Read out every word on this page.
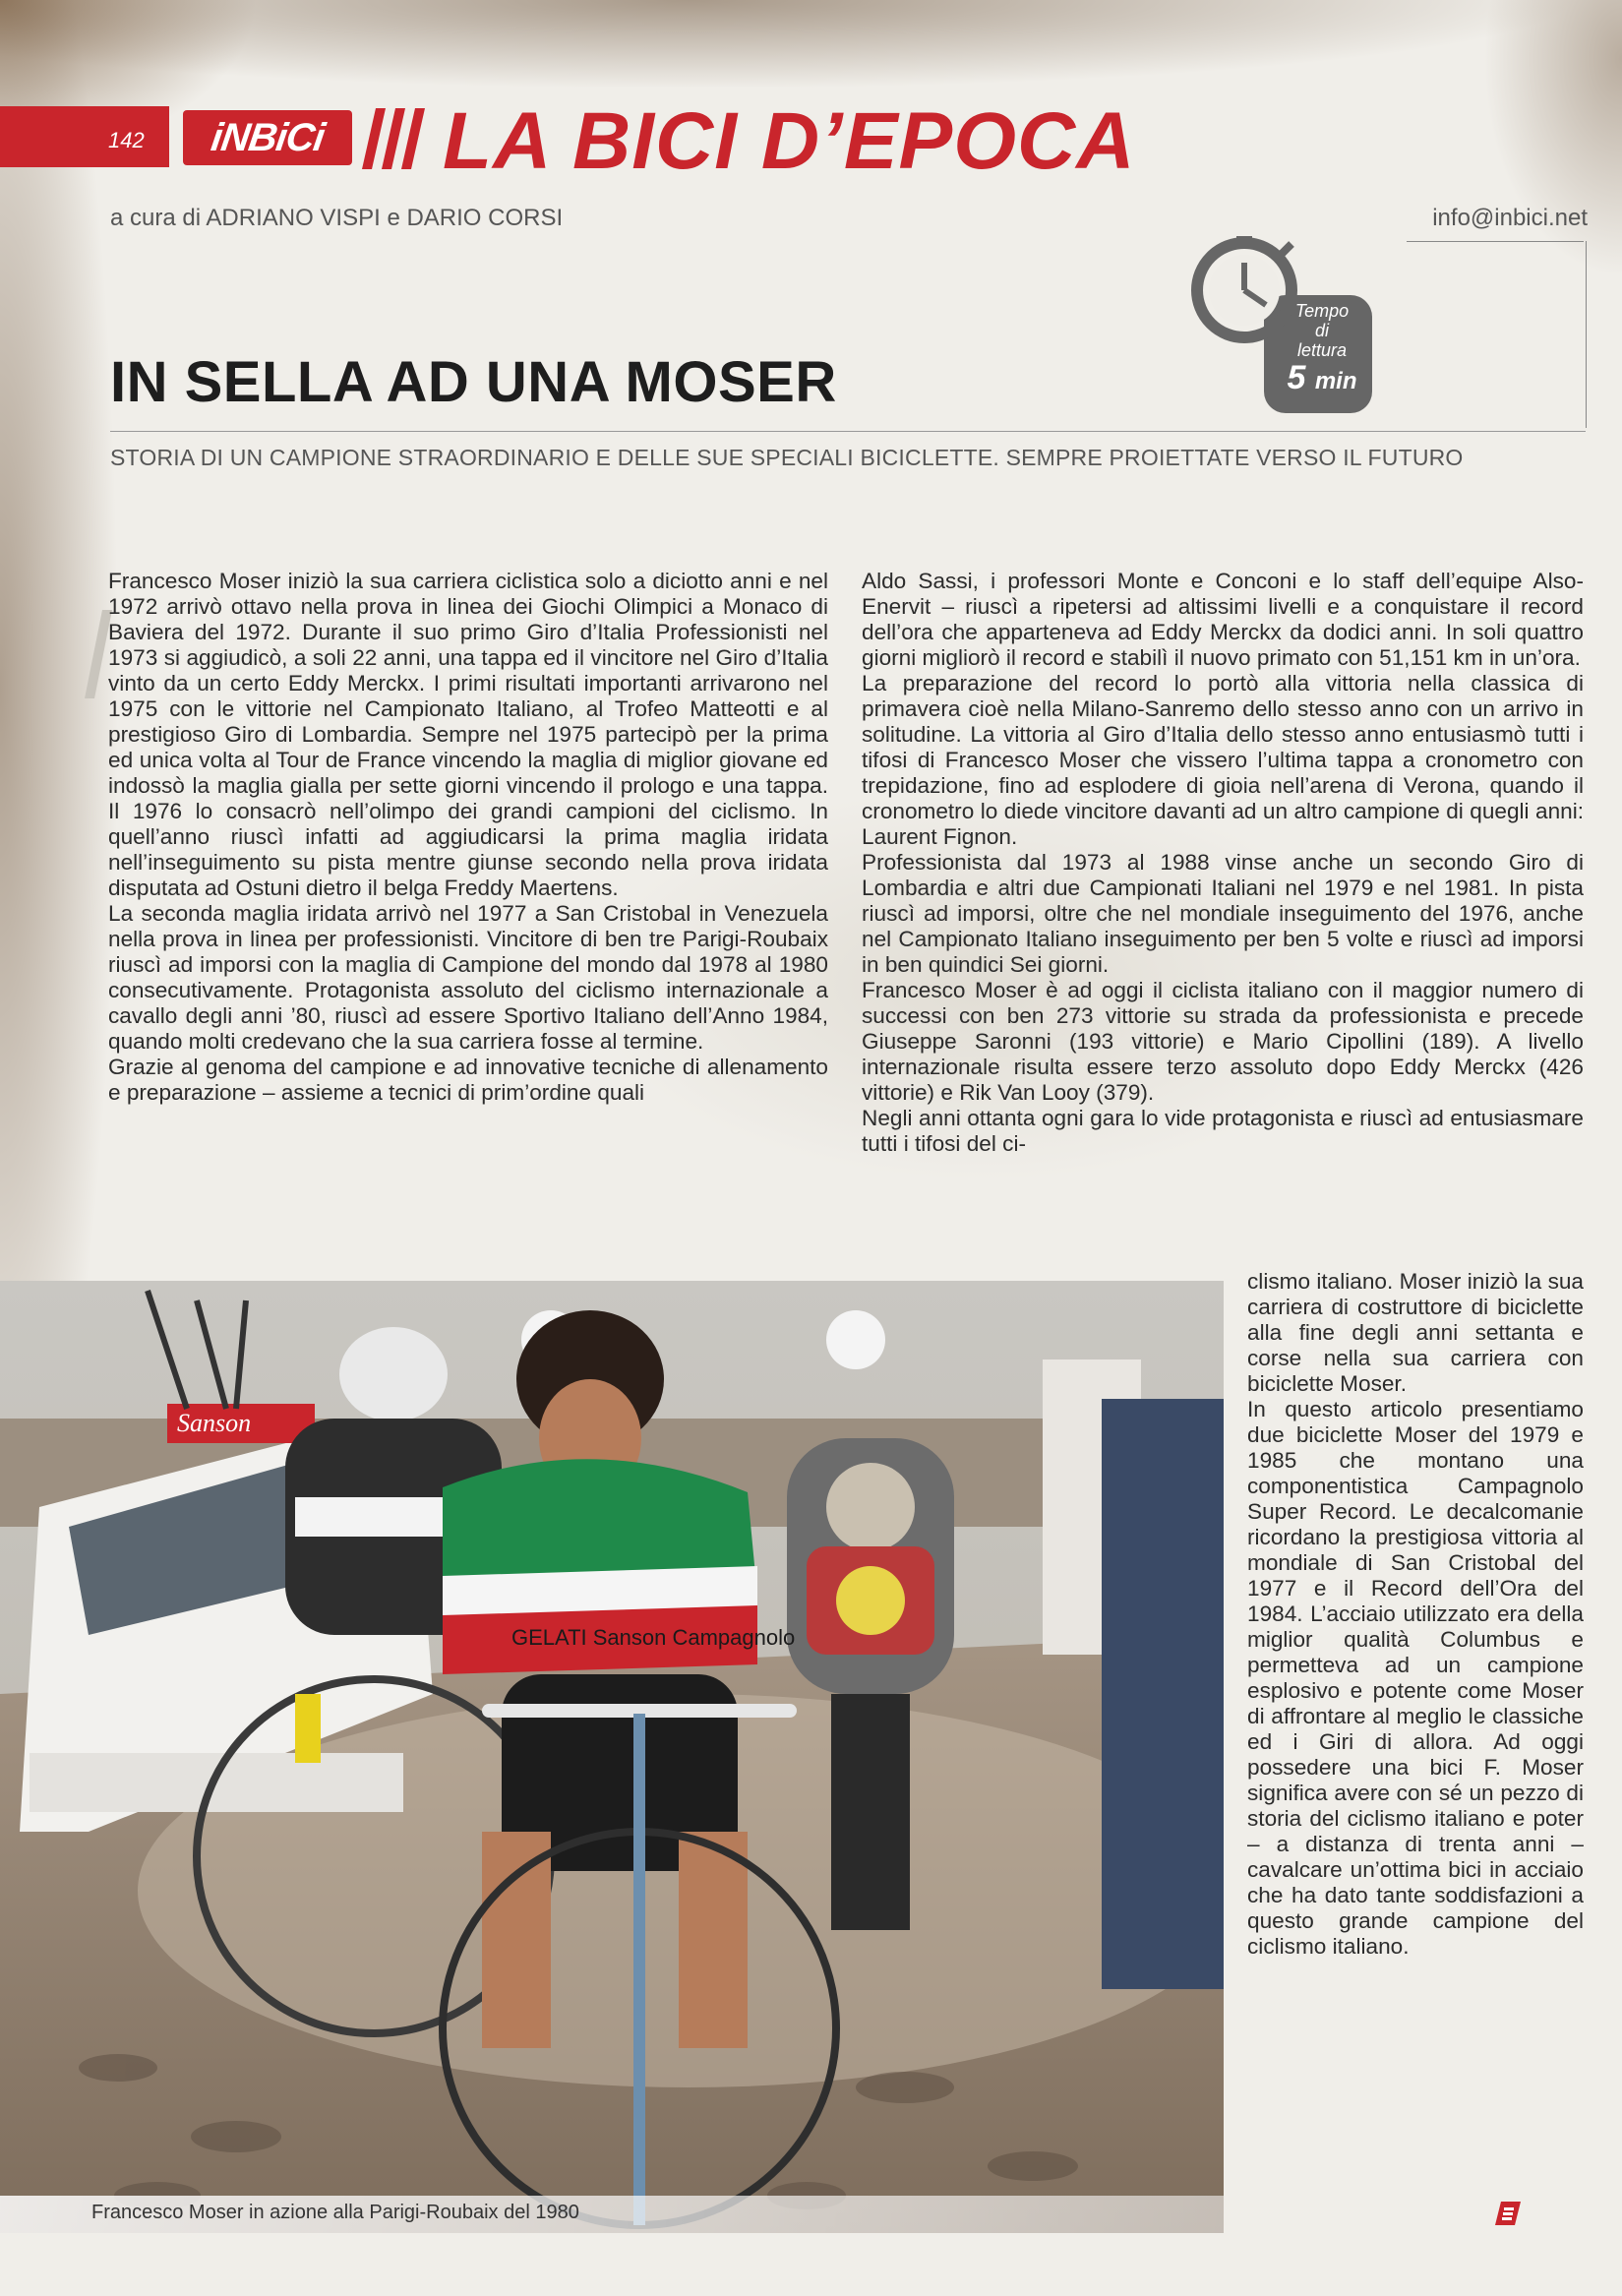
142 iNBiCi LA BICI D’EPOCA
a cura di ADRIANO VISPI e DARIO CORSI	info@inbici.net
Tempo
di
lettura
5 min
IN SELLA AD UNA MOSER
STORIA DI UN CAMPIONE STRAORDINARIO E DELLE SUE SPECIALI BICICLETTE. SEMPRE PROIETTATE VERSO IL FUTURO

Francesco Moser iniziò la sua carriera ciclistica solo a diciotto anni e nel 1972 arrivò ottavo nella prova in linea dei Giochi Olimpici a Monaco di Baviera del 1972. Durante il suo primo Giro d’Italia Professionisti nel 1973 si aggiudicò, a soli 22 anni, una tappa ed il vincitore nel Giro d’Italia vinto da un certo Eddy Merckx. I primi risultati importanti arrivarono nel 1975 con le vittorie nel Campionato Italiano, al Trofeo Matteotti e al prestigioso Giro di Lombardia. Sempre nel 1975 partecipò per la prima ed unica volta al Tour de France vincendo la maglia di miglior giovane ed indossò la maglia gialla per sette giorni vincendo il prologo e una tappa. Il 1976 lo consacrò nell’olimpo dei grandi campioni del ciclismo. In quell’anno riuscì infatti ad aggiudicarsi la prima maglia iridata nell’inseguimento su pista mentre giunse secondo nella prova iridata disputata ad Ostuni dietro il belga Freddy Maertens.

La seconda maglia iridata arrivò nel 1977 a San Cristobal in Venezuela nella prova in linea per professionisti. Vincitore di ben tre Parigi-Roubaix riuscì ad imporsi con la maglia di Campione del mondo dal 1978 al 1980 consecutivamente. Protagonista assoluto del ciclismo internazionale a cavallo degli anni ’80, riuscì ad essere Sportivo Italiano dell’Anno 1984, quando molti credevano che la sua carriera fosse al termine.

Grazie al genoma del campione e ad innovative tecniche di allenamento e preparazione – assieme a tecnici di prim’ordine quali

Aldo Sassi, i professori Monte e Conconi e lo staff dell’equipe Also-Enervit – riuscì a ripetersi ad altissimi livelli e a conquistare il record dell’ora che apparteneva ad Eddy Merckx da dodici anni. In soli quattro giorni migliorò il record e stabilì il nuovo primato con 51,151 km in un’ora.

La preparazione del record lo portò alla vittoria nella classica di primavera cioè nella Milano-Sanremo dello stesso anno con un arrivo in solitudine. La vittoria al Giro d’Italia dello stesso anno entusiasmò tutti i tifosi di Francesco Moser che vissero l’ultima tappa a cronometro con trepidazione, fino ad esplodere di gioia nell’arena di Verona, quando il cronometro lo diede vincitore davanti ad un altro campione di quegli anni: Laurent Fignon.

Professionista dal 1973 al 1988 vinse anche un secondo Giro di Lombardia e altri due Campionati Italiani nel 1979 e nel 1981. In pista riuscì ad imporsi, oltre che nel mondiale inseguimento del 1976, anche nel Campionato Italiano inseguimento per ben 5 volte e riuscì ad imporsi in ben quindici Sei giorni.

Francesco Moser è ad oggi il ciclista italiano con il maggior numero di successi con ben 273 vittorie su strada da professionista e precede Giuseppe Saronni (193 vittorie) e Mario Cipollini (189). A livello internazionale risulta essere terzo assoluto dopo Eddy Merckx (426 vittorie) e Rik Van Looy (379).

Negli anni ottanta ogni gara lo vide protagonista e riuscì ad entusiasmare tutti i tifosi del ci-

clismo italiano. Moser iniziò la sua carriera di costruttore di biciclette alla fine degli anni settanta e corse nella sua carriera con biciclette Moser.

In questo articolo presentiamo due biciclette Moser del 1979 e 1985 che montano una componentistica Campagnolo Super Record. Le decalcomanie ricordano la prestigiosa vittoria al mondiale di San Cristobal del 1977 e il Record dell’Ora del 1984. L’acciaio utilizzato era della miglior qualità Columbus e permetteva ad un campione esplosivo e potente come Moser di affrontare al meglio le classiche ed i Giri di allora. Ad oggi possedere una bici F. Moser significa avere con sé un pezzo di storia del ciclismo italiano e poter – a distanza di trenta anni – cavalcare un’ottima bici in acciaio che ha dato tante soddisfazioni a questo grande campione del ciclismo italiano.

Sanson
GELATI Sanson Campagnolo
Francesco Moser in azione alla Parigi-Roubaix del 1980
